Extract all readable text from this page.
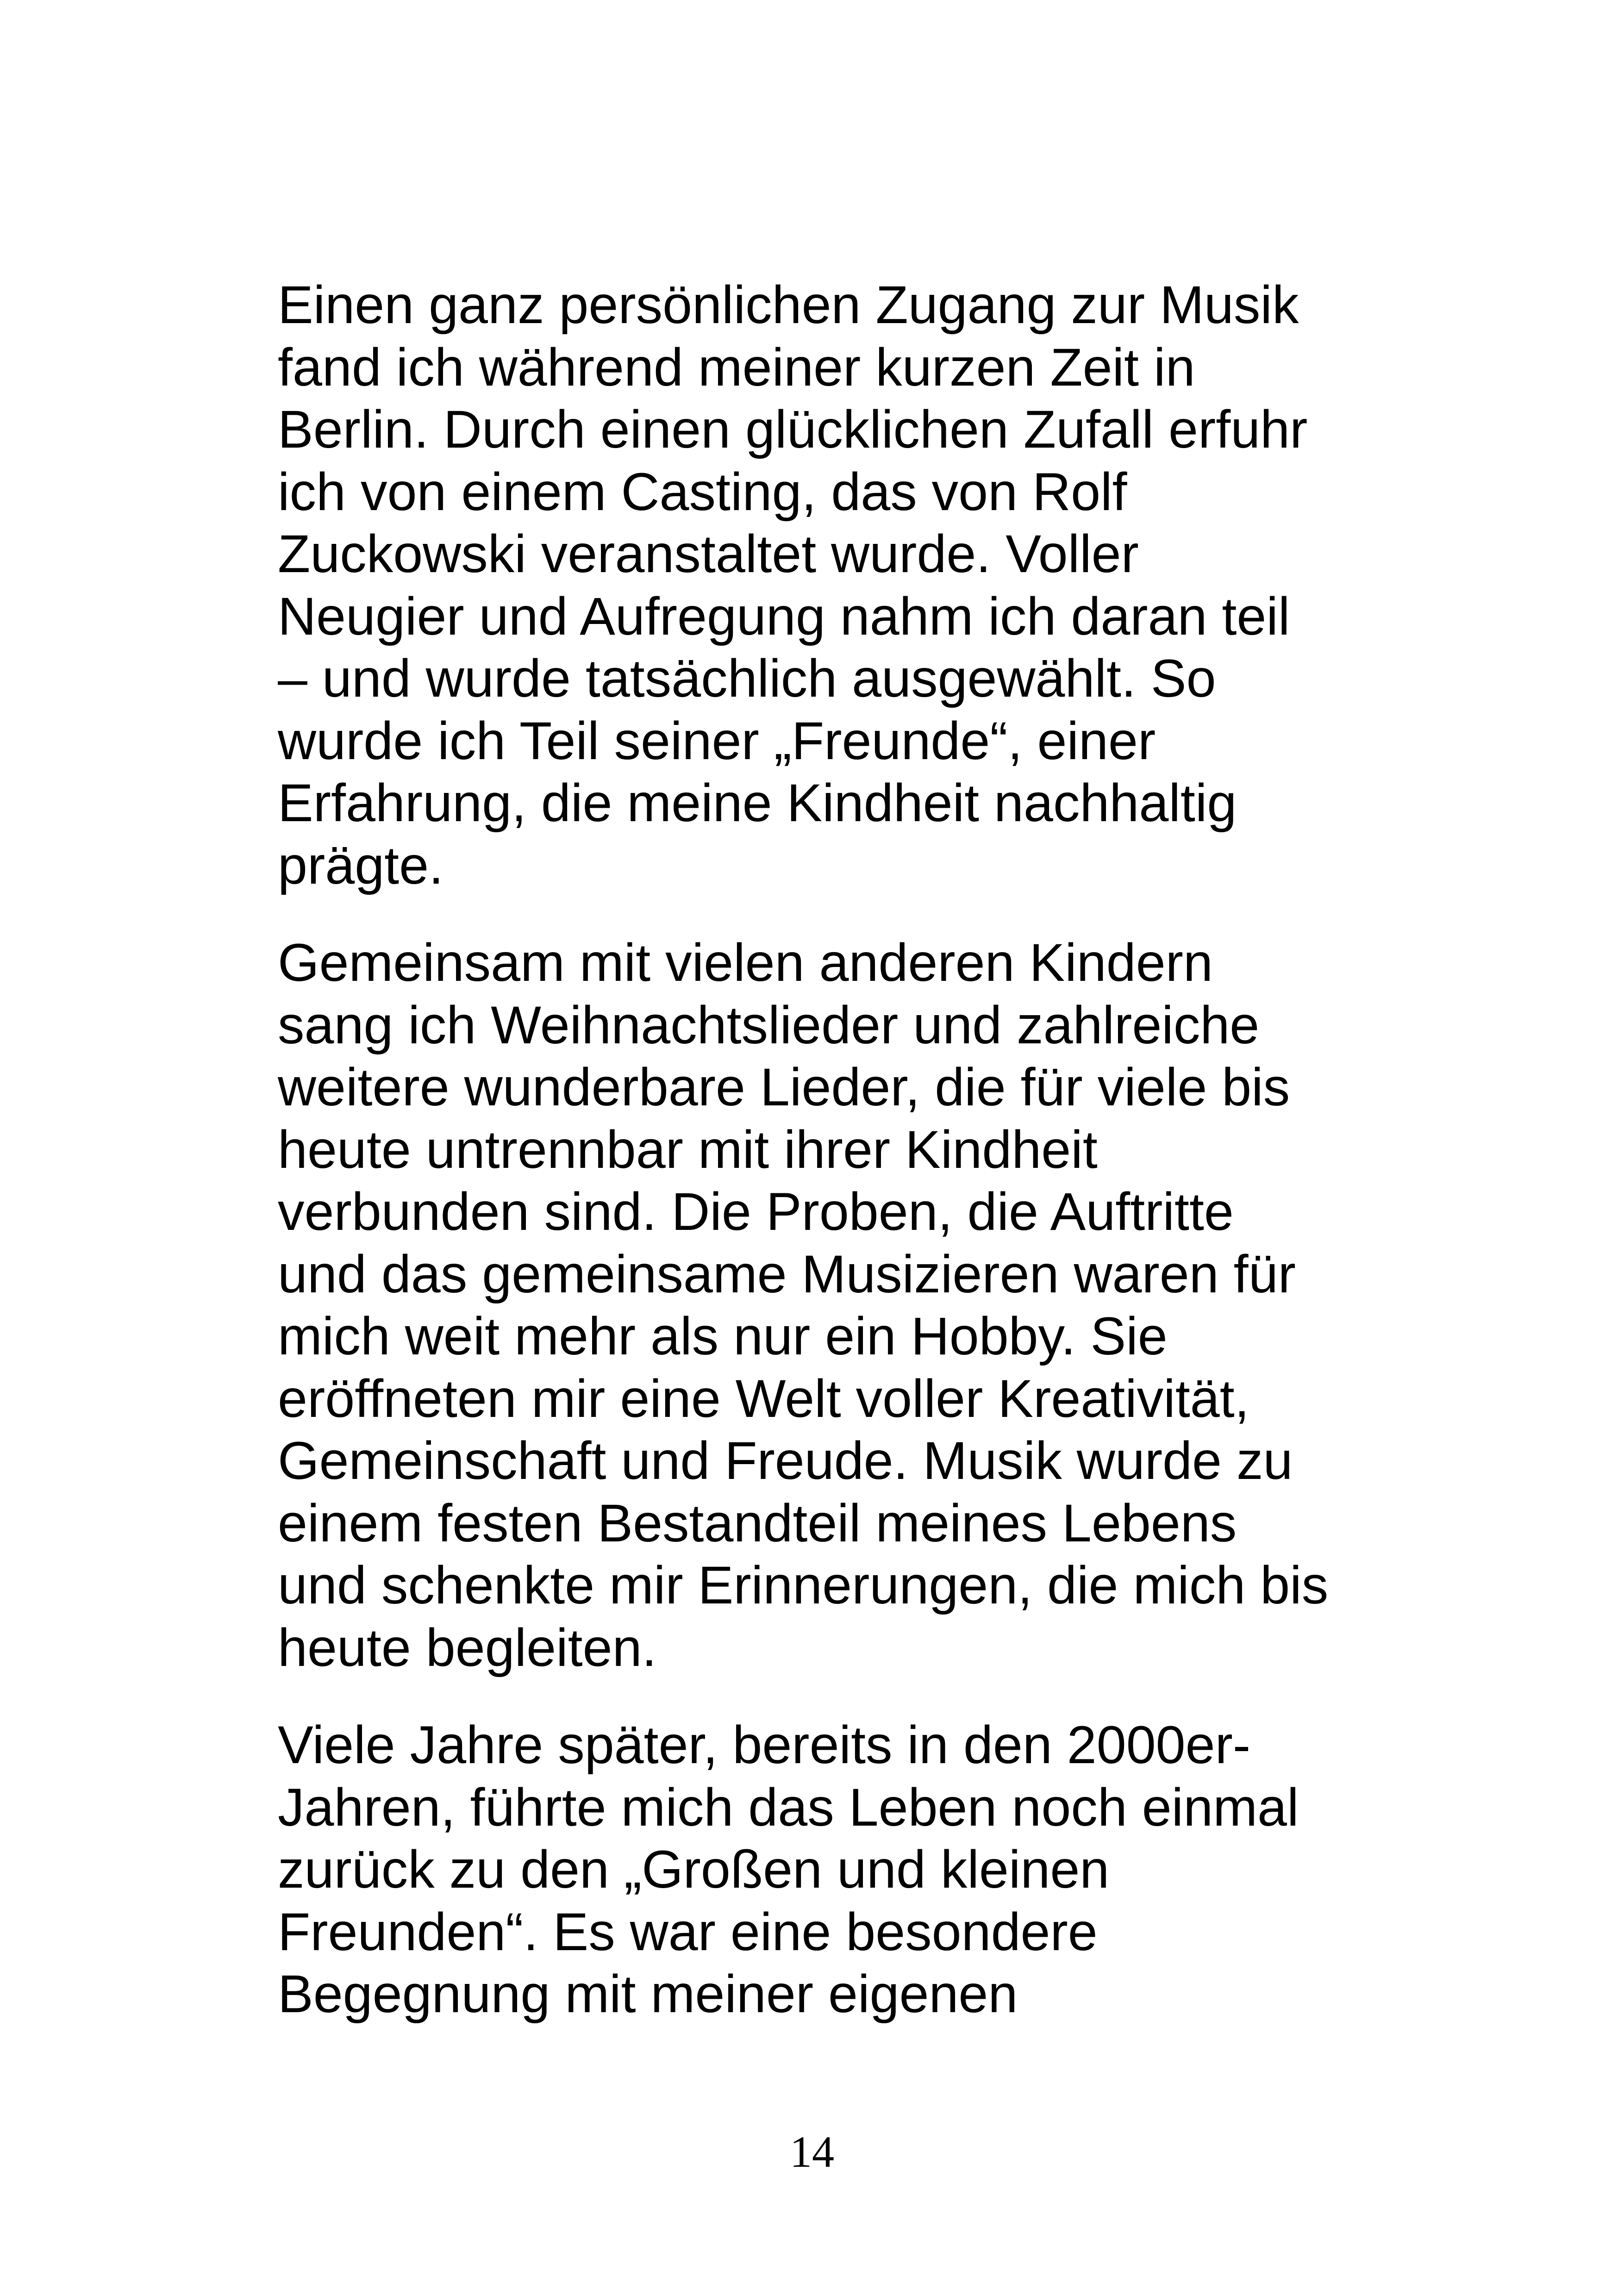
Einen ganz persönlichen Zugang zur Musik
fand ich während meiner kurzen Zeit in
Berlin. Durch einen glücklichen Zufall erfuhr
ich von einem Casting, das von Rolf
Zuckowski veranstaltet wurde. Voller
Neugier und Aufregung nahm ich daran teil
– und wurde tatsächlich ausgewählt. So
wurde ich Teil seiner „Freunde“, einer
Erfahrung, die meine Kindheit nachhaltig
prägte.
Gemeinsam mit vielen anderen Kindern
sang ich Weihnachtslieder und zahlreiche
weitere wunderbare Lieder, die für viele bis
heute untrennbar mit ihrer Kindheit
verbunden sind. Die Proben, die Auftritte
und das gemeinsame Musizieren waren für
mich weit mehr als nur ein Hobby. Sie
eröffneten mir eine Welt voller Kreativität,
Gemeinschaft und Freude. Musik wurde zu
einem festen Bestandteil meines Lebens
und schenkte mir Erinnerungen, die mich bis
heute begleiten.
Viele Jahre später, bereits in den 2000er-
Jahren, führte mich das Leben noch einmal
zurück zu den „Großen und kleinen
Freunden“. Es war eine besondere
Begegnung mit meiner eigenen
14
